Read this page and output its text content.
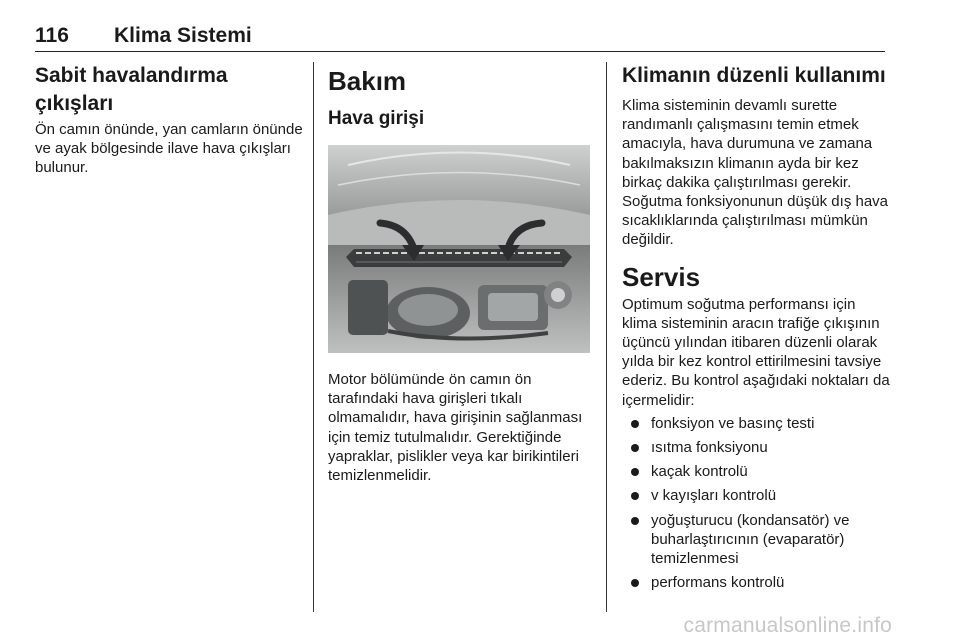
116 Klima Sistemi
Sabit havalandırma çıkışları

Ön camın önünde, yan camların önünde ve ayak bölgesinde ilave hava çıkışları bulunur.

Bakım
Hava girişi

Motor bölümünde ön camın ön tarafındaki hava girişleri tıkalı olmamalıdır, hava girişinin sağlanması için temiz tutulmalıdır. Gerektiğinde yapraklar, pislikler veya kar birikintileri temizlenmelidir.

Klimanın düzenli kullanımı

Klima sisteminin devamlı surette randımanlı çalışmasını temin etmek amacıyla, hava durumuna ve zamana bakılmaksızın klimanın ayda bir kez birkaç dakika çalıştırılması gerekir. Soğutma fonksiyonunun düşük dış hava sıcaklıklarında çalıştırılması mümkün değildir.

Servis

Optimum soğutma performansı için klima sisteminin aracın trafiğe çıkışının üçüncü yılından itibaren düzenli olarak yılda bir kez kontrol ettirilmesini tavsiye ederiz. Bu kontrol aşağıdaki noktaları da içermelidir:

fonksiyon ve basınç testi
ısıtma fonksiyonu
kaçak kontrolü
v kayışları kontrolü
yoğuşturucu (kondansatör) ve buharlaştırıcının (evaparatör) temizlenmesi
performans kontrolü
carmanualsonline.info
